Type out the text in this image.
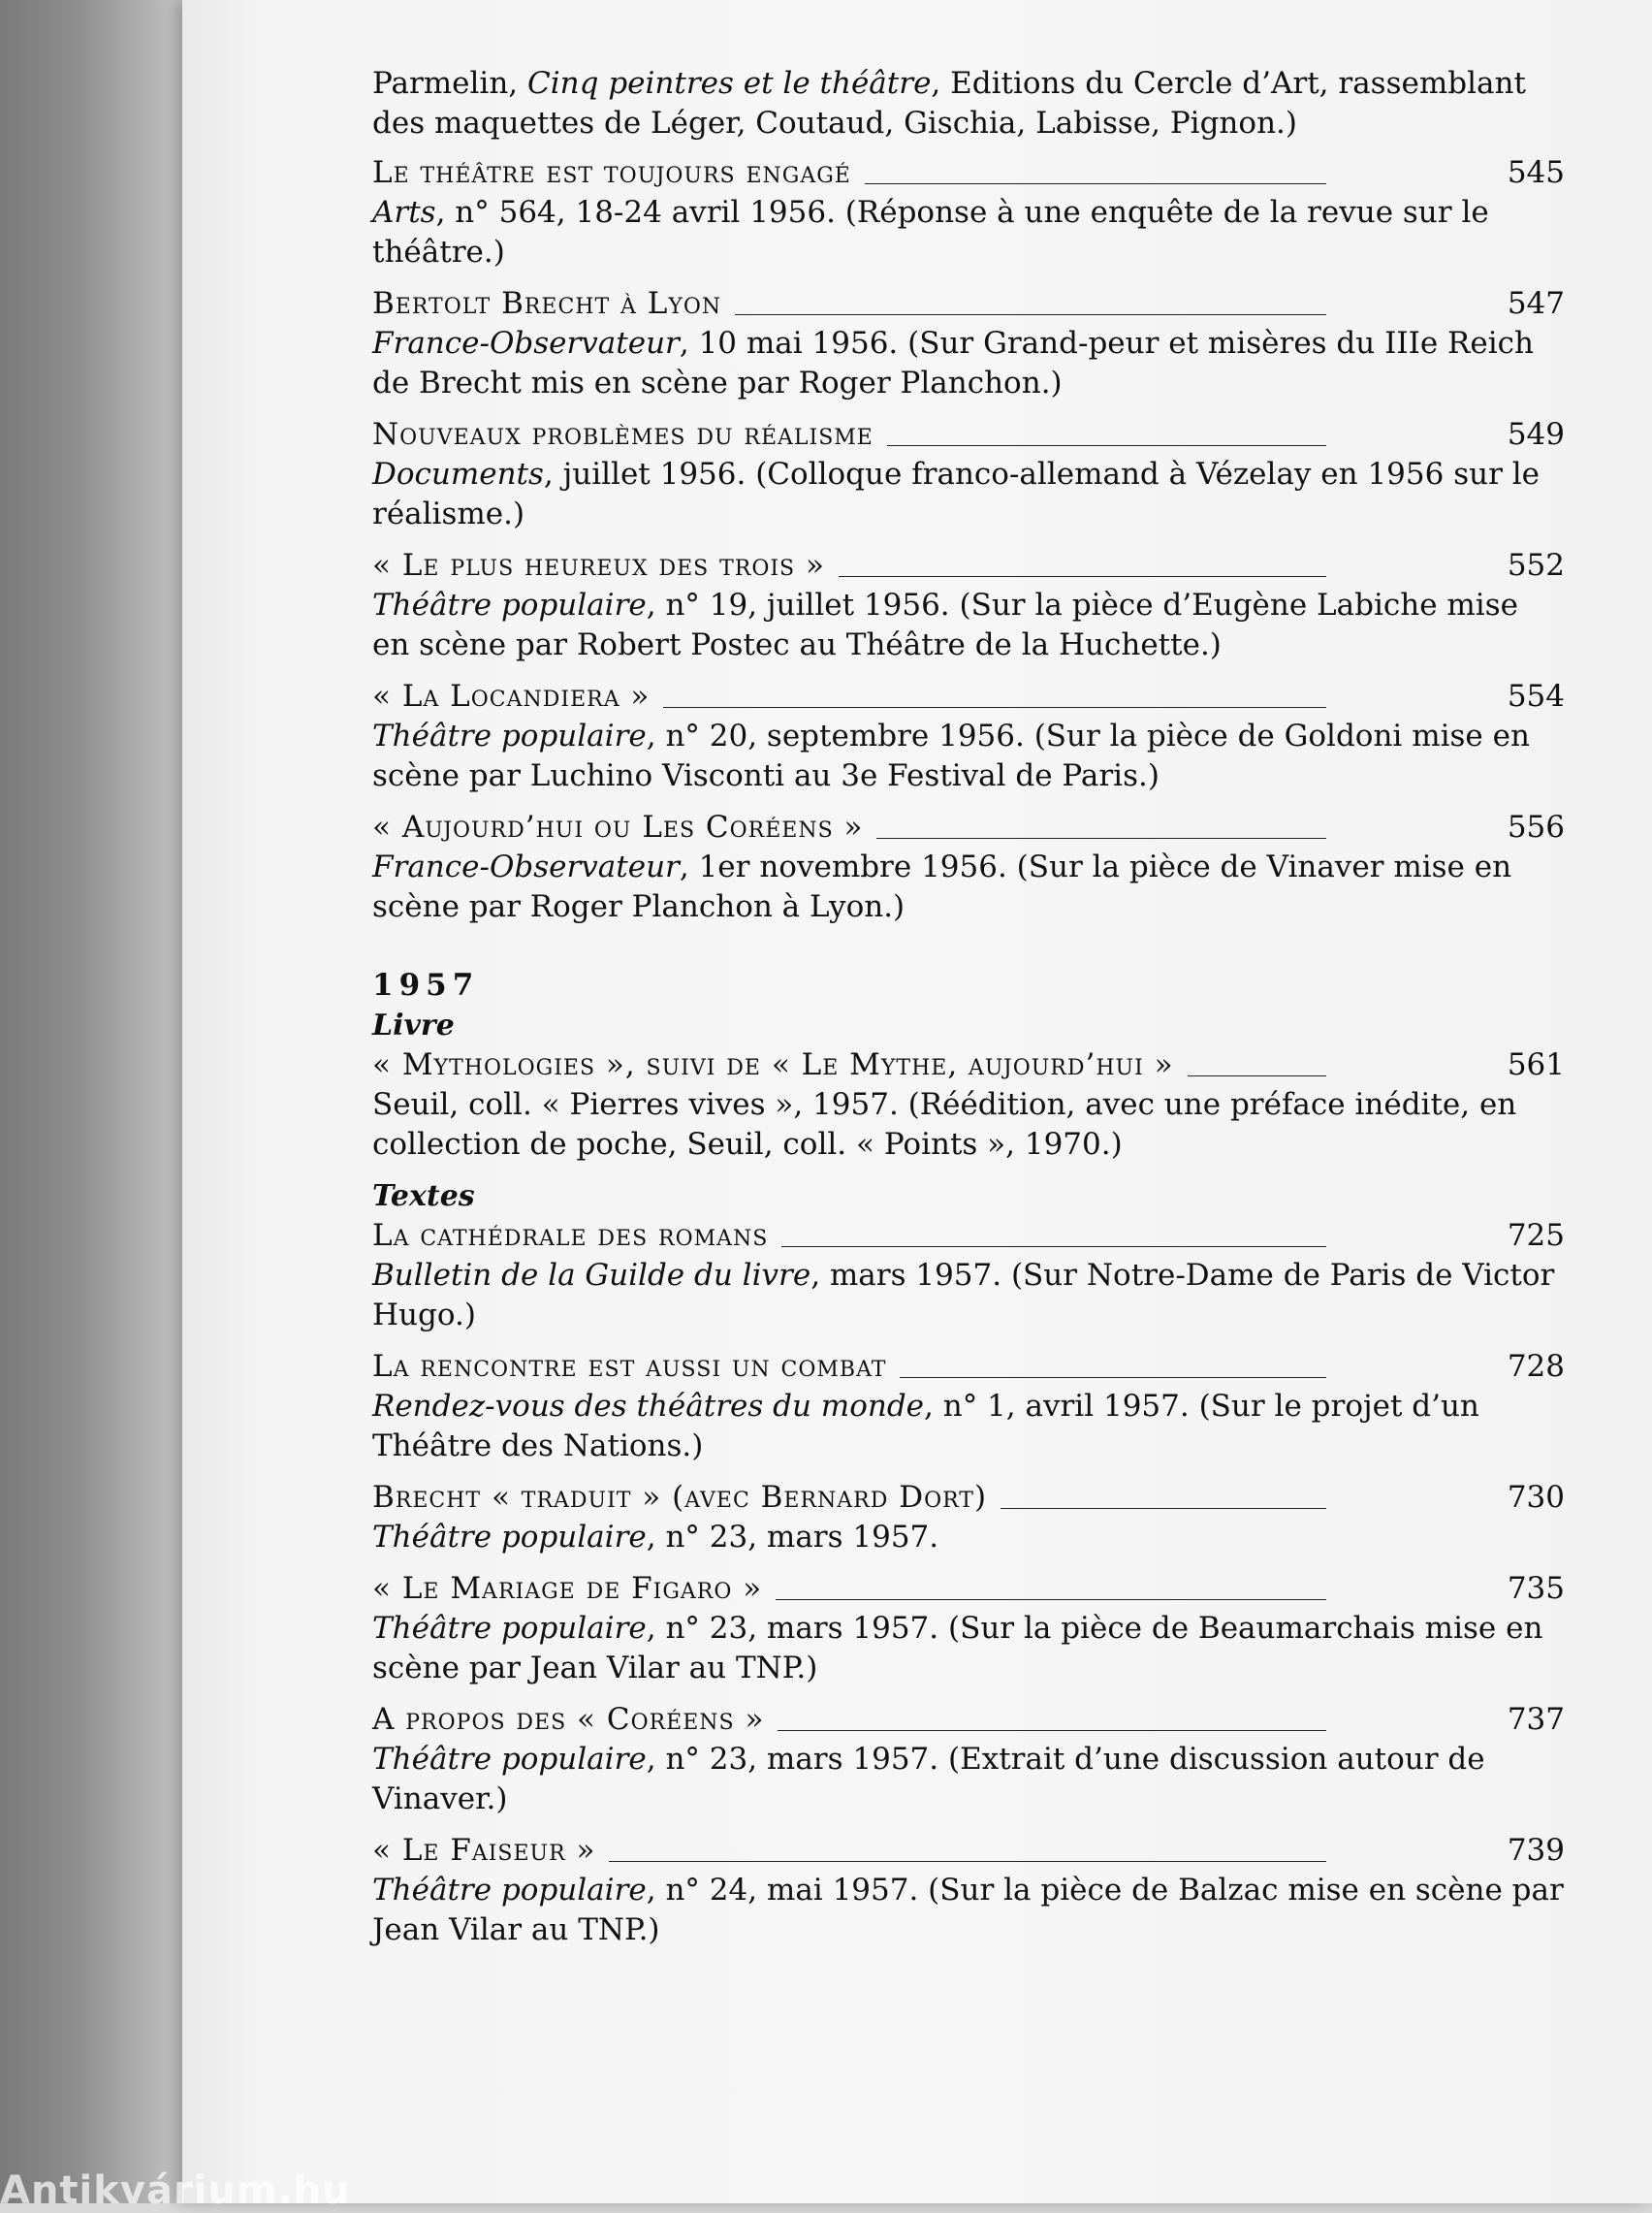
Parmelin, Cinq peintres et le théâtre, Editions du Cercle d’Art, rassemblant des maquettes de Léger, Coutaud, Gischia, Labisse, Pignon.)
Le théâtre est toujours engagé	545
Arts, n° 564, 18-24 avril 1956. (Réponse à une enquête de la revue sur le théâtre.)
Bertolt Brecht à Lyon	547
France-Observateur, 10 mai 1956. (Sur Grand-peur et misères du IIIe Reich de Brecht mis en scène par Roger Planchon.)
Nouveaux problèmes du réalisme	549
Documents, juillet 1956. (Colloque franco-allemand à Vézelay en 1956 sur le réalisme.)
« Le plus heureux des trois »	552
Théâtre populaire, n° 19, juillet 1956. (Sur la pièce d’Eugène Labiche mise en scène par Robert Postec au Théâtre de la Huchette.)
« La Locandiera »	554
Théâtre populaire, n° 20, septembre 1956. (Sur la pièce de Goldoni mise en scène par Luchino Visconti au 3e Festival de Paris.)
« Aujourd’hui ou Les Coréens »	556
France-Observateur, 1er novembre 1956. (Sur la pièce de Vinaver mise en scène par Roger Planchon à Lyon.)
1957
Livre
« Mythologies », suivi de « Le Mythe, aujourd’hui »	561
Seuil, coll. « Pierres vives », 1957. (Réédition, avec une préface inédite, en collection de poche, Seuil, coll. « Points », 1970.)
Textes
La cathédrale des romans	725
Bulletin de la Guilde du livre, mars 1957. (Sur Notre-Dame de Paris de Victor Hugo.)
La rencontre est aussi un combat	728
Rendez-vous des théâtres du monde, n° 1, avril 1957. (Sur le projet d’un Théâtre des Nations.)
Brecht « traduit » (avec Bernard Dort)	730
Théâtre populaire, n° 23, mars 1957.
« Le Mariage de Figaro »	735
Théâtre populaire, n° 23, mars 1957. (Sur la pièce de Beaumarchais mise en scène par Jean Vilar au TNP.)
A propos des « Coréens »	737
Théâtre populaire, n° 23, mars 1957. (Extrait d’une discussion autour de Vinaver.)
« Le Faiseur »	739
Théâtre populaire, n° 24, mai 1957. (Sur la pièce de Balzac mise en scène par Jean Vilar au TNP.)
Antikvárium.hu
